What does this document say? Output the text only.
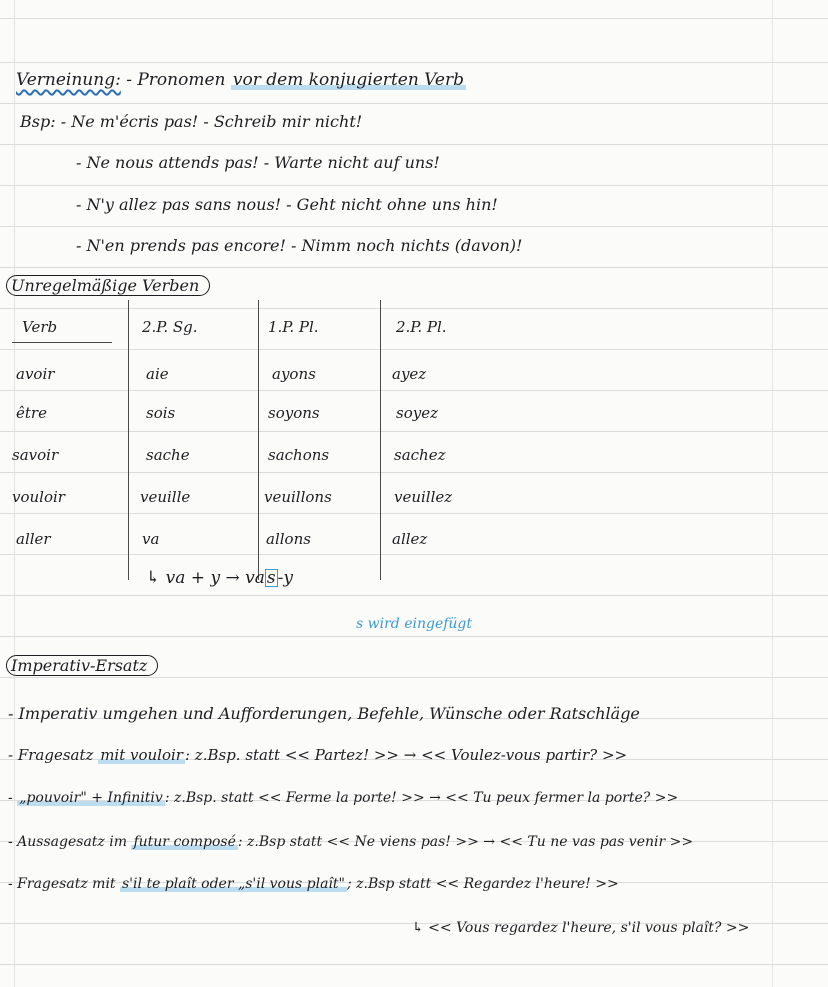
Verneinung: - Pronomen vor dem konjugierten Verb
Bsp: - Ne m'écris pas! - Schreib mir nicht!
- Ne nous attends pas! - Warte nicht auf uns!
- N'y allez pas sans nous! - Geht nicht ohne uns hin!
- N'en prends pas encore! - Nimm noch nichts (davon)!
Unregelmäßige Verben
Verb	2.P. Sg.	1.P. Pl.	2.P. Pl.
avoir	aie	ayons	ayez
être	sois	soyons	soyez
savoir	sache	sachons	sachez
vouloir	veuille	veuillons	veuillez
aller	va	allons	allez
↳ va + y → va s -y
s wird eingefügt
Imperativ-Ersatz
- Imperativ umgehen und Aufforderungen, Befehle, Wünsche oder Ratschläge
- Fragesatz mit vouloir : z.Bsp. statt << Partez! >> → << Voulez-vous partir? >>
- „pouvoir" + Infinitiv : z.Bsp. statt << Ferme la porte! >> → << Tu peux fermer la porte? >>
- Aussagesatz im futur composé : z.Bsp statt << Ne viens pas! >> → << Tu ne vas pas venir >>
- Fragesatz mit s'il te plaît oder „s'il vous plaît" ; z.Bsp statt << Regardez l'heure! >>
↳ << Vous regardez l'heure, s'il vous plaît? >>
